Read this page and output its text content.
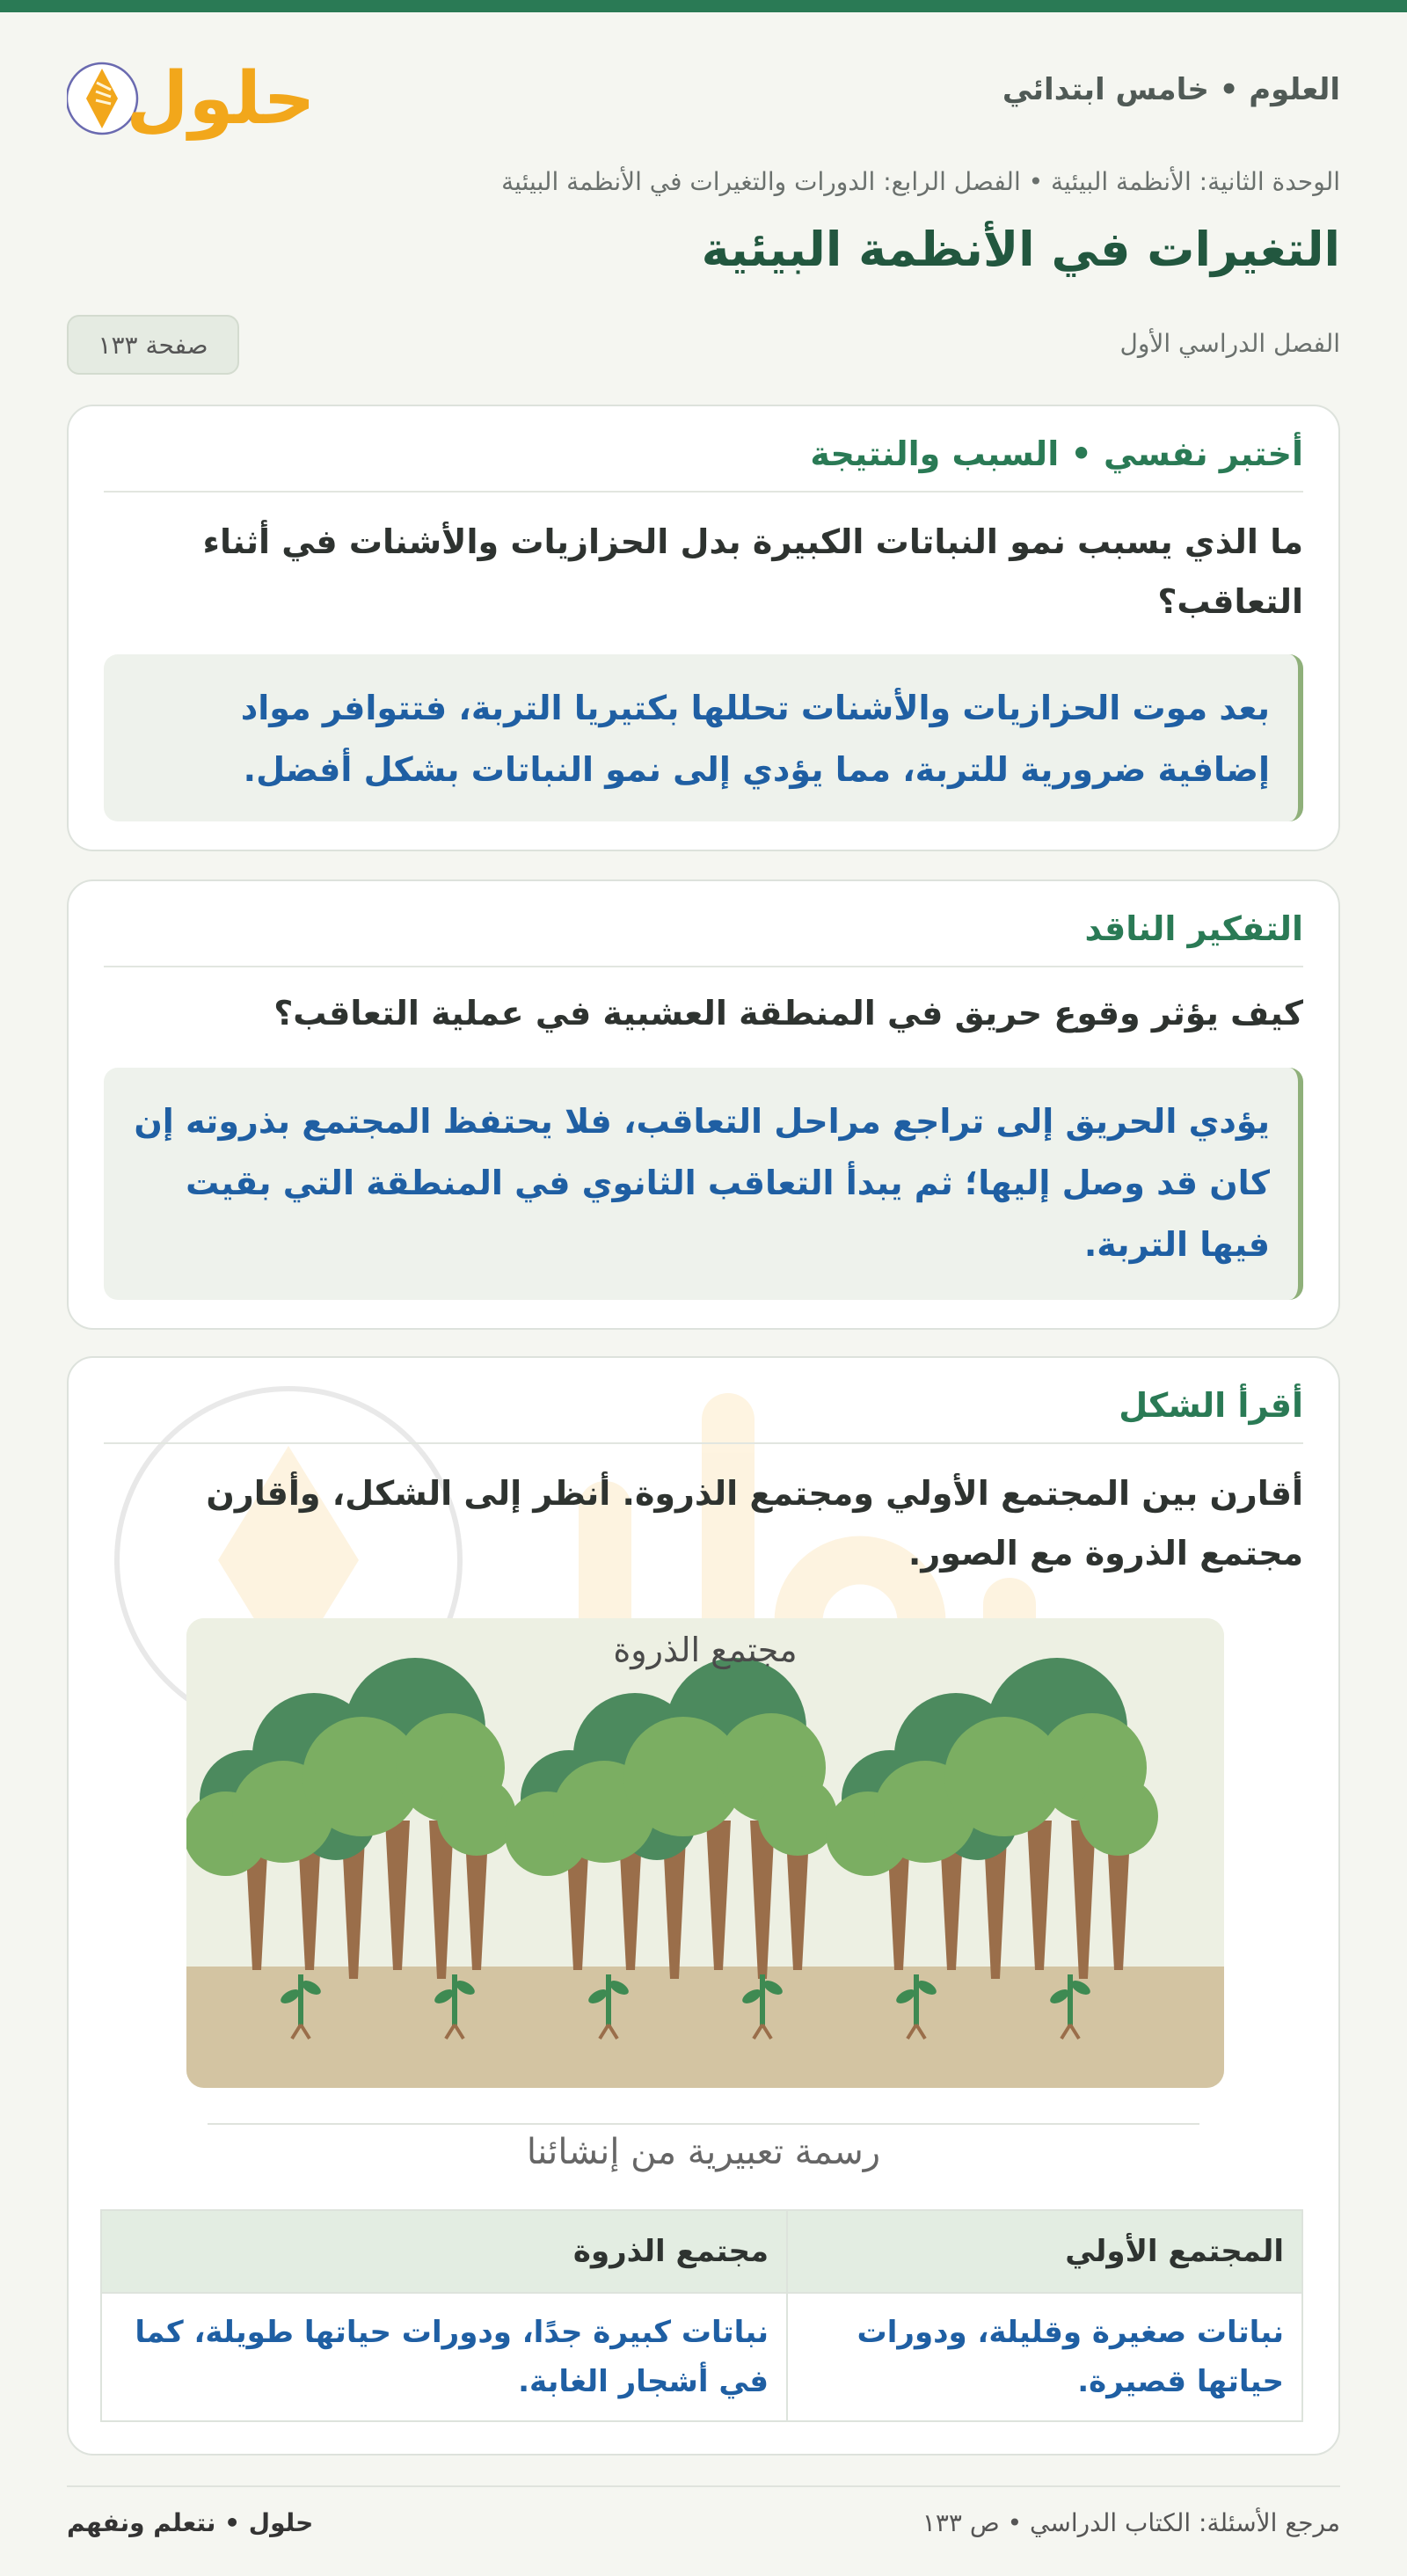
حلول	العلوم • خامس ابتدائي
الوحدة الثانية: الأنظمة البيئية • الفصل الرابع: الدورات والتغيرات في الأنظمة البيئية
التغيرات في الأنظمة البيئية
الفصل الدراسي الأول
صفحة ١٣٣
أختبر نفسي • السبب والنتيجة
ما الذي يسبب نمو النباتات الكبيرة بدل الحزازيات والأشنات في أثناء التعاقب؟
بعد موت الحزازيات والأشنات تحللها بكتيريا التربة، فتتوافر مواد إضافية ضرورية للتربة، مما يؤدي إلى نمو النباتات بشكل أفضل.
التفكير الناقد
كيف يؤثر وقوع حريق في المنطقة العشبية في عملية التعاقب؟
يؤدي الحريق إلى تراجع مراحل التعاقب، فلا يحتفظ المجتمع بذروته إن كان قد وصل إليها؛ ثم يبدأ التعاقب الثانوي في المنطقة التي بقيت فيها التربة.
أقرأ الشكل
أقارن بين المجتمع الأولي ومجتمع الذروة. أنظر إلى الشكل، وأقارن مجتمع الذروة مع الصور.
مجتمع الذروة
رسمة تعبيرية من إنشائنا
المجتمع الأولي	مجتمع الذروة
نباتات صغيرة وقليلة، ودورات حياتها قصيرة.	نباتات كبيرة جدًا، ودورات حياتها طويلة، كما في أشجار الغابة.
مرجع الأسئلة: الكتاب الدراسي • ص ١٣٣
حلول • نتعلم ونفهم
